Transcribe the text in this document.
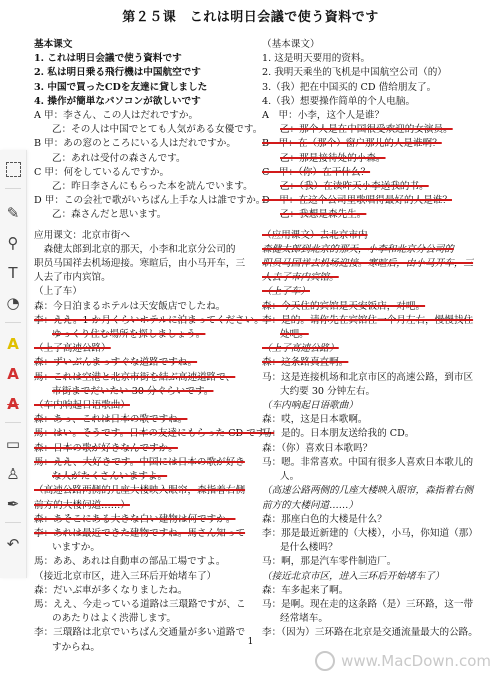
第２５课　これは明日会議で使う資料です
基本课文
1. これは明日会議で使う資料です
2. 私は明日乗る飛行機は中国航空です
3. 中国で買ったCDを友達に貸しました
4. 操作が簡単なパソコンが欲しいです
A 甲：李さん、この人はだれですか。
乙：その人は中国でとても人気がある女優です。
B 甲：あの窓のところにいる人はだれですか。
乙：あれは受付の森さんです。
C 甲：何をしているんですか。
乙：昨日李さんにもらった本を読んでいます。
D 甲：この会社で歌がいちばん上手な人は誰ですか。
乙：森さんだと思います。
应用课文：北京市街へ
　森健太郎到北京的那天，小李和北京分公司的
职员马国祥去机场迎接。寒暄后，由小马开车，三
人去了市内宾馆。
（上了车）
森：今日泊まるホテルは天安飯店でしたね。
李：ええ。1 か月くらいホテルに泊まってください。
ゆっくり住む場所を探しましょう。
（上了高速公路）
森：ずいぶんまっすぐな道路ですね。
馬：これは空港と北京市街を結ぶ高速道路で、
市街までだいたい 30 分ぐらいです。
（车内响起日语歌曲）
森：あっ、これは日本の歌ですね。
馬：はい。そうです。日本の友達にもらった CD です。
森：日本の歌が好きなんですか。
馬：ええ、大好きです。中国には日本の歌が好き
な人がたくさんいますよ。
（高速公路两侧的几座大楼映入眼帘，森指着右侧
前方的大楼问道……）
森：あそこにある大きな白い建物は何ですか。
李：あれは最近できた建物ですね。馬さん知って
いますか。
馬：ああ、あれは自動車の部品工場ですよ。
（接近北京市区，进入三环后开始堵车了）
森：だいぶ車が多くなりましたね。
馬：ええ、今走っている道路は三環路ですが、こ
のあたりはよく渋滞します。
李：三環路は北京でいちばん交通量が多い道路で
すからね。
（基本课文）
1. 这是明天要用的资料。
2. 我明天乘坐的飞机是中国航空公司（的）
3.（我）把在中国买的 CD 借给朋友了。
4.（我）想要操作简单的个人电脑。
A　甲：小李，这个人是谁？
乙：那个人是在中国很受欢迎的女演员。
B　甲：在（那个）窗户那儿的人是谁啊？
乙：那是接待处的小森。
C　甲：（你）在干什么？
乙：（我）在读昨天小李送我的书。
D　甲：在这个公司里歌唱得最好的人是谁？
乙：我想是森先生。
（应用课文）去北京市内
森健太郎到北京的那天，小李和北京分公司的
职员马国祥去机场迎接。寒暄后，由小马开车，三
人去了市内宾馆。
（上了车）
森：今天住的宾馆是天安饭店，对吧。
李：是的。请你先在宾馆住一个月左右，慢慢找住
处吧。
（上了高速公路）
森：这条路真直啊。
马：这是连接机场和北京市区的高速公路，到市区
大约要 30 分钟左右。
（车内响起日语歌曲）
森：哎，这是日本歌啊。
马：是的。日本朋友送给我的 CD。
森：（你）喜欢日本歌吗？
马：嗯。非常喜欢。中国有很多人喜欢日本歌儿的
人。
（高速公路两侧的几座大楼映入眼帘，森指着右侧
前方的大楼问道……）
森：那座白色的大楼是什么？
李：那是最近新建的（大楼），小马，你知道（那）
是什么楼吗？
马：啊，那是汽车零件制造厂。
（接近北京市区，进入三环后开始堵车了）
森：车多起来了啊。
马：是啊。现在走的这条路（是）三环路，这一带
经常堵车。
李：（因为）三环路在北京是交通流量最大的公路。
1
www.MacDown.com
✎
⚲
T
◔
A
A
A
▭
♙
✒
↶
